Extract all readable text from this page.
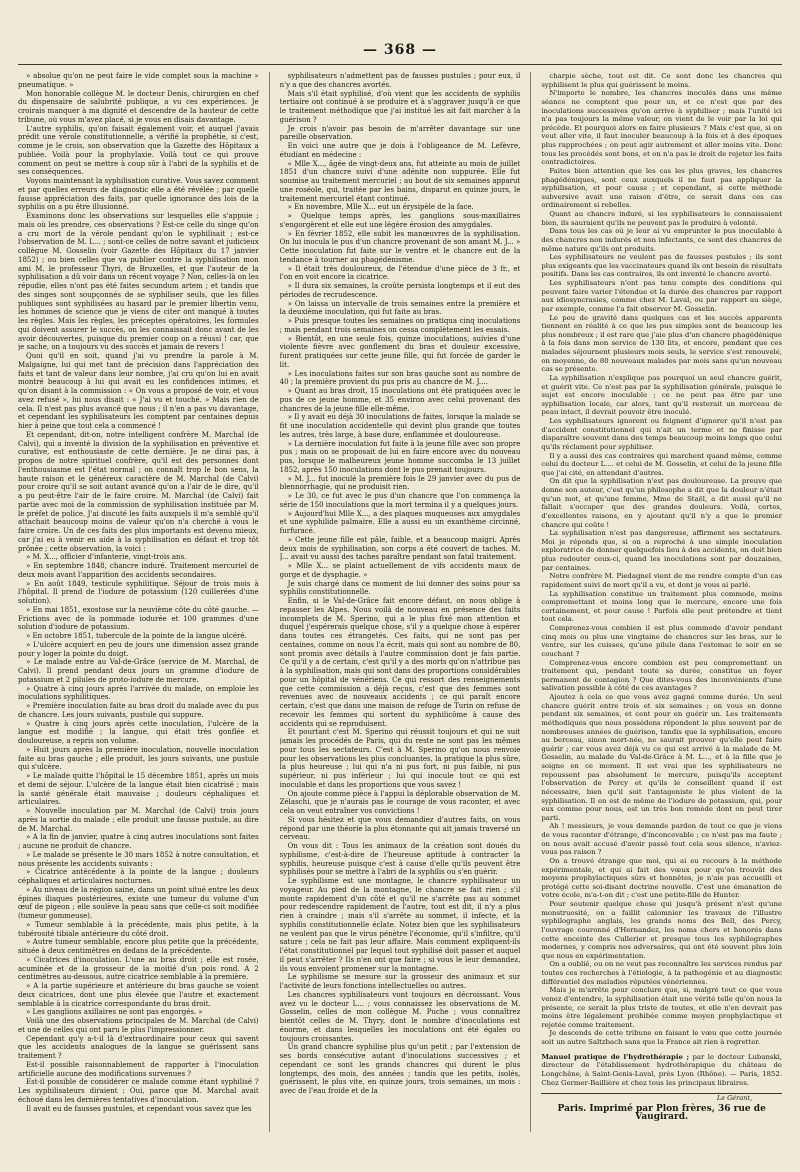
— 368 —

» absolue qu'on ne peut faire le vide complet sous la machine » pneumatique. »

Mon honorable collègue M. le docteur Denis, chirurgien en chef du dispensaire de salubrité publique, a vu ces expériences. Je croirais manquer à ma dignité et descendre de la hauteur de cette tribune, où vous m'avez placé, si je vous en disais davantage.

L'autre syphilis, qu'on faisait également voir, et auquel j'avais prédit une vérole constitutionnelle, a vérifié la prophétie, si c'est, comme je le crois, son observation que la Gazette des Hôpitaux a publiée. Voilà pour la prophylaxie. Voilà tout ce qui prouve comment on peut se mettre à coup sûr à l'abri de la syphilis et de ses conséquences.

Voyons maintenant la syphilisation curative. Vous savez comment et par quelles erreurs de diagnostic elle a été révélée ; par quelle fausse appréciation des faits, par quelle ignorance des lois de la syphilis on a pu être illusionné.

Examinons donc les observations sur lesquelles elle s'appuie ; mais où les prendre, ces observations ? Est-ce celle du singe qu'on a cru mort de la vérole pendant qu'on le syphilisait ; est-ce l'observation de M. L... ; sont-ce celles de notre savant et judicieux collègue M. Gosselin (voir Gazette des Hôpitaux du 17 janvier 1852) ; ou bien celles que va publier contre la syphilisation mon ami M. le professeur Thyri, de Bruxelles, et que l'auteur de la syphilisation a dû voir dans un récent voyage ? Non, celles-là on les répudie, elles n'ont pas été faites secundum artem ; et tandis que des singes sont soupçonnés de se syphiliser seuls, que les filles publiques sont syphilisées au hasard par le premier libertin venu, les hommes de science que je viens de citer ont manqué à toutes les règles. Mais les règles, les préceptes opératoires, les formules qui doivent assurer le succès, on les connaissait donc avant de les avoir découvertes, puisque du premier coup on a réussi ! car, que je sache, on a toujours vu des succès et jamais de revers !

Quoi qu'il en soit, quand j'ai vu prendre la parole à M. Malgaigne, lui qui met tant de précision dans l'appréciation des faits et tant de valeur dans leur nombre, j'ai cru qu'on lui en avait montré beaucoup à lui qui avait eu les confidences intimes, et qu'on disant à la commission : « On vous a proposé de voir, et vous avez refusé », lui nous disait : « J'ai vu et touché. » Mais rien de cela. Il n'est pas plus avancé que nous ; il n'en a pas vu davantage, et cependant les syphilisateurs les comptent par centaines depuis hier à peine que tout cela a commencé !

Et cependant, dit-on, notre intelligent confrère M. Marchal (de Calvi), qui a inventé la division de la syphilisation en préventive et curative, est enthousiaste de cette dernière. Je ne dirai pas, à propos de notre spirituel confrère, qu'il est des personnes dont l'enthousiasme est l'état normal ; on connaît trop le bon sens, la haute raison et le généreux caractère de M. Marchal (de Calvi) pour croire qu'il se soit autant avancé qu'on a l'air de le dire, qu'il a pu peut-être l'air de le faire croire. M. Marchal (de Calvi) fait partie avec moi de la commission de syphilisation instituée par M. le préfet de police. J'ai discuté les faits auxquels il m'a semblé qu'il attachait beaucoup moins de valeur qu'on n'a cherché à vous le faire croire. Un de ces faits des plus importants est devenu mieux, car j'ai eu à venir en aide à la syphilisation en défaut et trop tôt prônée ; cette observation, la voici :

» M. X..., officier d'infanterie, vingt-trois ans.

» En septembre 1848, chancre induré. Traitement mercuriel de deux mois avant l'apparition des accidents secondaires.

» En août 1849, testicule syphilitique. Séjour de trois mois à l'hôpital. Il prend de l'iodure de potassium (120 cuillerées d'une solution).

» En mai 1851, exostose sur la neuvième côte du côté gauche. — Frictions avec de la pommade iodurée et 100 grammes d'une solution d'iodure de potassium.

» En octobre 1851, tubercule de la pointe de la langue ulcéré.

» L'ulcère acquiert en peu de jours une dimension assez grande pour y loger la pointe du doigt.

» Le malade entre au Val-de-Grâce (service de M. Marchal, de Calvi). Il prend pendant deux jours un gramme d'iodure de potassium et 2 pilules de proto-iodure de mercure.

» Quatre à cinq jours après l'arrivée du malade, on emploie les inoculations syphilitiques.

» Première inoculation faite au bras droit du malade avec du pus de chancre. Les jours suivants, pustule qui suppure.

» Quatre à cinq jours après cette inoculation, l'ulcère de la langue est modifié ; la langue, qui était très gonflée et douloureuse, a repris son volume.

» Huit jours après la première inoculation, nouvelle inoculation faite au bras gauche ; elle produit, les jours suivants, une pustule qui s'ulcère.

» Le malade quitte l'hôpital le 15 décembre 1851, après un mois et demi de séjour. L'ulcère de la langue était bien cicatrisé ; mais la santé générale était mauvaise ; douleurs céphaliques et articulaires.

» Nouvelle inoculation par M. Marchal (de Calvi) trois jours après la sortie du malade ; elle produit une fausse pustule, au dire de M. Marchal.

» A la fin de janvier, quatre à cinq autres inoculations sont faites ; aucune ne produit de chancre.

» Le malade se présente le 30 mars 1852 à notre consultation, et nous présente les accidents suivants :

» Cicatrice antécédente à la pointe de la langue ; douleurs céphaliques et articulaires nocturnes.

» Au niveau de la région saine, dans un point situé entre les deux épines iliaques postérieures, existe une tumeur du volume d'un œuf de pigeon ; elle soulève la peau sans que celle-ci soit modifiée (tumeur gommeuse).

» Tumeur semblable à la précédente, mais plus petite, à la tubérosité tibiale antérieure du côté droit.

» Autre tumeur semblable, encore plus petite que la précédente, située à deux centimètres en dedans de la précédente.

» Cicatrices d'inoculation. L'une au bras droit ; elle est rosée, acuminée et de la grosseur de la moitié d'un pois rond. A 2 centimètres au-dessous, autre cicatrice semblable à la première.

» A la partie supérieure et antérieure du bras gauche se voient deux cicatrices, dont une plus élevée que l'autre et exactement semblable à la cicatrice correspondante du bras droit.

» Les ganglions axillaires ne sont pas engorgés. »

Voilà une des observations principales de M. Marchal (de Calvi) et une de celles qui ont paru le plus l'impressionner.

Cependant qu'y a-t-il là d'extraordinaire pour ceux qui savent que les accidents analogues de la langue se guérissent sans traitement ?

Est-il possible raisonnablement de rapporter à l'inoculation artificielle aucune des modifications survenues ?

Est-il possible de considérer ce malade comme étant syphilisé ? Les syphilisateurs diraient : Oui, parce que M. Marchal avait échoué dans les dernières tentatives d'inoculation.

Il avait eu de fausses pustules, et cependant vous savez que les

syphilisateurs n'admettent pas de fausses pustules ; pour eux, il n'y a que des chancres avortés.

Mais s'il était syphilisé, d'où vient que les accidents de syphilis tertiaire ont continué à se produire et à s'aggraver jusqu'à ce que le traitement méthodique que j'ai institué les ait fait marcher à la guérison ?

Je crois n'avoir pas besoin de m'arrêter davantage sur une pareille observation.

En voici une autre que je dois à l'obligeance de M. Lefèvre, étudiant en médecine :

« Mlle X..., âgée de vingt-deux ans, fut atteinte au mois de juillet 1851 d'un chancre suivi d'une adénite non suppurée. Elle fut soumise au traitement mercuriel ; au bout de six semaines apparut une roséole, qui, traitée par les bains, disparut en quinze jours, le traitement mercuriel étant continué.

» En novembre, Mlle X... eut un érysipèle de la face.

» Quelque temps après, les ganglions sous-maxillaires s'engorgèrent et elle eut une légère érosion des amygdales.

» En février 1852, elle subit les manœuvres de la syphilisation. On lui inocula le pus d'un chancre provenant de son amant M. J... » Cette inoculation fut faite sur le ventre et le chancre eut de la tendance à tourner au phagédénisme.

» Il était très douloureux, de l'étendue d'une pièce de 3 fr., et l'on en voit encore la cicatrice.

» Il dura six semaines, la croûte persista longtemps et il eut des périodes de recrudescence.

» On laissa un intervalle de trois semaines entre la première et la deuxième inoculation, qui fut faite au bras.

» Puis presque toutes les semaines on pratiqua cinq inoculations ; mais pendant trois semaines on cessa complètement les essais.

» Bientôt, en une seule fois, quinze inoculations, suivies d'une violente fièvre avec gonflement du bras et douleur excessive, furent pratiquées sur cette jeune fille, qui fut forcée de garder le lit.

» Les inoculations faites sur son bras gauche sont au nombre de 40 ; la première provient du pus pris au chancre de M. J....

» Quant au bras droit, 15 inoculations ont été pratiquées avec le pus de ce jeune homme, et 35 environ avec celui provenant des chancres de la jeune fille elle-même.

» Il y avait eu déjà 30 inoculations de faites, lorsque la malade se fit une inoculation accidentelle qui devint plus grande que toutes les autres, très large, à base dure, enflammée et douloureuse.

» La dernière inoculation fut faite à la jeune fille avec son propre pus ; mais on se proposait de lui en faire encore avec du nouveau pus, lorsque le malheureux jeune homme succomba le 13 juillet 1852, après 150 inoculations dont le pus prenait toujours.

» M. J... fut inoculé la première fois le 29 janvier avec du pus de blennorrhagie, qui ne produisit rien.

» Le 30, ce fut avec le pus d'un chancre que l'on commença la série de 150 inoculations que la mort termina il y a quelques jours.

» Aujourd'hui Mlle X..., a des plaques muqueuses aux amygdales et une syphilide palmaire. Elle a aussi eu un exanthème circinné, furfuracé.

» Cette jeune fille est pâle, faible, et a beaucoup maigri. Après deux mois de syphilisation, son corps a été couvert de taches. M. J... avait vu aussi des taches paraître pendant son fatal traitement.

» Mlle X... se plaint actuellement de vifs accidents maux de gorge et de dysphagie. »

Je suis chargé dans ce moment de lui donner des soins pour sa syphilis constitutionnelle.

Enfin, si le Val-de-Grâce fait encore défaut, on nous oblige à repasser les Alpes. Nous voilà de nouveau en présence des faits incomplets de M. Sperino, qui a le plus fixé mon attention et duquel j'espérerais quelque chose, s'il y a quelque chose à espérer dans toutes ces étrangetés. Ces faits, qui ne sont pas per centaines, comme on nous l'a écrit, mais qui sont au nombre de 80, sont promis avec détails à l'autre commission dont je fais partie. Ce qu'il y a de certain, c'est qu'il y a des morts qu'on n'attribue pas à la syphilisation, mais qui sont dans des proportions considérables pour un hôpital de vénériens. Ce qui ressort des renseignements que cette commission a déjà reçus, c'est que des femmes sont revenues avec de nouveaux accidents ; ce qui paraît encore certain, c'est que dans une maison de refuge de Turin on refuse de recevoir les femmes qui sortent du syphilicôme à cause des accidents qui se reproduisent.

Et pourtant c'est M. Sperino qui réussit toujours et qui ne suit jamais les procédés de Paris, qui du reste ne sont pas les mêmes pour tous les sectateurs. C'est à M. Sperino qu'on nous renvoie pour les observations les plus concluantes, la pratique la plus sûre, la plus heureuse ; lui qui n'a ni pus fort, ni pus faible, ni pus supérieur, ni pus inférieur ; lui qui inocule tout ce qui est inoculable et dans les proportions que vous savez !

On ajoute comme pièce à l'appui la déplorable observation de M. Zélaschi, que je n'aurais pas le courage de vous raconter, et avec cela on veut entraîner vos convictions !

Si vous hésitez et que vous demandiez d'autres faits, on vous répond par une théorie la plus étonnante qui ait jamais traversé un cerveau.

On vous dit : Tous les animaux de la création sont doués du syphilisme, c'est-à-dire de l'heureuse aptitude à contracter la syphilis, heureuse puisque c'est à cause d'elle qu'ils peuvent être syphilisés pour se mettre à l'abri de la syphilis ou s'en guérir.

Le syphilisme est une montagne, le chancre syphilisateur un voyageur. Au pied de la montagne, le chancre se fait rien ; s'il monte rapidement d'un côté et qu'il ne s'arrête pas au sommet pour redescendre rapidement de l'autre, tout est dit, il n'y a plus rien à craindre ; mais s'il s'arrête au sommet, il infecte, et la syphilis constitutionnelle éclate. Notez bien que les syphilisateurs ne veulent pas que le virus pénètre l'économie, qu'il s'infiltre, qu'il sature ; cela ne fait pas leur affaire. Mais comment expliquent-ils l'état constitutionnel par lequel tout syphilisé doit passer et auquel il peut s'arrêter ? Ils n'en ont que faire ; si vous le leur demandez, ils vous envoient promener sur la montagne.

Le syphilisme se mesure sur la grosseur des animaux et sur l'activité de leurs fonctions intellectuelles ou autres.

Les chancres syphilisateurs vont toujours en décroissant. Vous avez vu le docteur L... ; vous connaissez les observations de M. Gosselin, celles de mon collègue M. Puche ; vous connaîtrez bientôt celles de M. Thyry, dont le nombre d'inoculations est énorme, et dans lesquelles les inoculations ont été égales ou toujours croissantes.

Un grand chancre syphilise plus qu'un petit ; par l'extension de ses bords consécutive autant d'inoculations successives ; et cependant ce sont les grands chancres qui durent le plus longtemps, des mois, des années ; tandis que les petits, isolés, guérissent, le plus vite, en quinze jours, trois semaines, un mois : avec de l'eau froide et de la

charpie sèche, tout est dit. Ce sont donc les chancres qui syphilisent le plus qui guérissent le moins.

N'importe le nombre, les chancres inoculés dans une même séance ne comptent que pour un, et ce n'est que par des inoculations successives qu'on arrive à syphiliser ; mais l'unité ici n'a pas toujours la même valeur, on vient de le voir par la loi qui précède. Et pourquoi alors en faire plusieurs ? Mais c'est que, si on veut aller vite, il faut inoculer beaucoup à la fois et à des époques plus rapprochées ; on peut agir autrement et aller moins vite. Donc tous les procédés sont bons, et on n'a pas le droit de rejeter les faits contradictoires.

Faites bien attention que les cas les plus graves, les chancres phagédéniques, sont ceux auxquels il ne faut pas appliquer la syphilisation, et pour cause ; et cependant, si cette méthode subversive avait une raison d'être, ce serait dans ces cas ordinairement si rebelles.

Quant au chancre induré, si les syphilisateurs le connaissaient bien, ils sauraient qu'ils ne peuvent pas le produire à volonté.

Dans tous les cas où je leur ai vu emprunter le pus inoculable à des chancres non indurés et non infectants, ce sont des chancres de même nature qu'ils ont produits.

Les syphilisateurs ne veulent pas de fausses pustules ; ils sont plus exigeants que les vaccinateurs quand ils ont besoin de résultats positifs. Dans les cas contraires, ils ont inventé le chancre avorté.

Les syphilisateurs n'ont pas tenu compte des conditions qui peuvent faire varier l'étendue et la durée des chancres par rapport aux idiosyncrasies, comme chez M. Laval, ou par rapport au siège, par exemple, comme l'a fait observer M. Gosselin.

Le peu de gravité dans quelques cas et les succès apparents tiennent en réalité à ce que les pus simples sont de beaucoup les plus nombreux ; il est rare que j'aie plus d'un chancre phagédénique à la fois dans mon service de 130 lits, et encore, pendant que ces malades séjournent plusieurs mois seuls, le service s'est renouvelé, on moyenne, de 80 nouveaux malades par mois sans qu'un nouveau cas se présente.

La syphilisation n'explique pas pourquoi un seul chancre guérit, et guérit vite. Ce n'est pas par la syphilisation générale, puisque le sujet est encore inoculable ; ce ne peut pas être par une syphilisation locale, car alors, tant qu'il resterait un morceau de peau intact, il devrait pouvoir être inoculé.

Les syphilisateurs ignorent ou feignent d'ignorer qu'il n'est pas d'accident constitutionnel qui n'ait un terme et ne finisse par disparaître souvent dans des temps beaucoup moins longs que celui qu'ils réclament pour syphiliser.

Il y a aussi des cas contraires qui marchent quand même, comme celui du docteur L.... et celui de M. Gosselin, et celui de la jeune fille que j'ai cité, en attendant d'autres.

On dit que la syphilisation n'est pas douloureuse. La preuve que donne son auteur, c'est qu'un philosophe a dit que la douleur n'était qu'un mot, et qu'une femme, Mme de Staël, a dit aussi qu'il ne fallait s'occuper que des grandes douleurs. Voilà, certes, d'excellentes raisons, en y ajoutant qu'il n'y a que le premier chancre qui coûte !

La syphilisation n'est pas dangereuse, affirment ses sectateurs. Moi je réponds que, si on a reproché à une simple inoculation exploratrice de donner quelquefois lieu à des accidents, on doit bien plus redouter ceux-ci, quand les inoculations sont par douzaines, par centaines.

Notre confrère M. Piedagnel vient de me rendre compte d'un cas rapidement suivi de mort qu'il a vu, et dont je vous ai parlé.

La syphilisation constitue un traitement plus commode, moins compromettant et moins long que le mercure, encore une fois certainement, et pour cause ! Parfois elle peut prétendre et tient tout cela.

Comprenez-vous combien il est plus commode d'avoir pendant cinq mois ou plus une vingtaine de chancres sur les bras, sur le ventre, sur les cuisses, qu'une pilule dans l'estomac le soir en se couchant ?

Comprenez-vous encore combien est peu compromettant un traitement qui, pendant toute sa durée, constitue un foyer permanent de contagion ? Que dites-vous des inconvénients d'une salivation possible à côté de ces avantages ?

Ajoutez à cela ce que vous avez gagné comme durée. Un seul chancre guérit entre trois et six semaines ; on vous en donne pendant six semaines, et cent pour en guérir un. Les traitements méthodiques que nous possédons répondent le plus souvent par de nombreuses années de guérison, tandis que la syphilisation, encore au berceau, sinon mort-née, ne saurait prouver qu'elle peut faire guérir ; car vous avez déjà vu ce qui est arrivé à la malade de M. Gosselin, au malade du Val-de-Grâce à M. L..., et à la fille que je soigne en ce moment. Il est vrai que les syphilisateurs ne repoussent pas absolument le mercure, puisqu'ils acceptent l'observation de Percy et qu'ils le conseillent quand il est nécessaire, bien qu'il soit l'antagoniste le plus violent de la syphilisation. Il en est de même de l'iodure de potassium, qui, pour eux comme pour nous, est un très bon remède dont on peut tirer parti.

Ah ! messieurs, je vous demande pardon de tout ce que je viens de vous raconter d'étrange, d'inconcevable ; ce n'est pas ma faute ; on nous avait accusé d'avoir passé tout cela sous silence, n'aviez-vous pas raison ?

On a trouvé étrange que moi, qui ai eu recours à la méthode expérimentale, et qui ai fait des vœux pour qu'on trouvât des moyens prophylactiques sûrs et honnêtes, je n'aie pas accueilli et protégé cette soi-disant doctrine nouvelle. C'est une émanation de votre école, m'a-t-on dit ; c'est une petite-fille de Hunter.

Pour soutenir quelque chose qui jusqu'à présent n'est qu'une monstruosité, on a faillit calomnier les travaux de l'illustre syphilographe anglais, les grands noms des Bell, des Percy, l'ouvrage couronné d'Hernandez, les noms chers et honorés dans cette enceinte des Cullerier et presque tous les syphilographes modernes, y compris nos adversaires, qui ont été souvent plus loin que nous en expérimentation.

On a oublié, ou on ne veut pas reconnaître les services rendus par toutes ces recherches à l'étiologie, à la pathogénie et au diagnostic différentiel des maladies réputées vénériennes.

Mais je m'arrête pour conclure que, si, malgré tout ce que vous venez d'entendre, la syphilisation était une vérité telle qu'on nous la présente, ce serait la plus triste de toutes, et elle n'en devrait pas moins être légalement prohibée comme moyen prophylactique et rejetée comme traitement.

Je descends de cette tribune en faisant le vœu que cette journée soit un autre Saltzbach sans que la France ait rien à regretter.

Manuel pratique de l'hydrothérapie ; par le docteur Lubanski, directeur de l'établissement hydrothérapique du château de Longchêne, à Saint-Genis-Laval, près Lyon (Rhône). — Paris, 1852. Chez Germer-Baillière et chez tous les principaux libraires.
Le Gérant,
Paris. Imprimé par Plon frères, 36 rue de Vaugirard.
